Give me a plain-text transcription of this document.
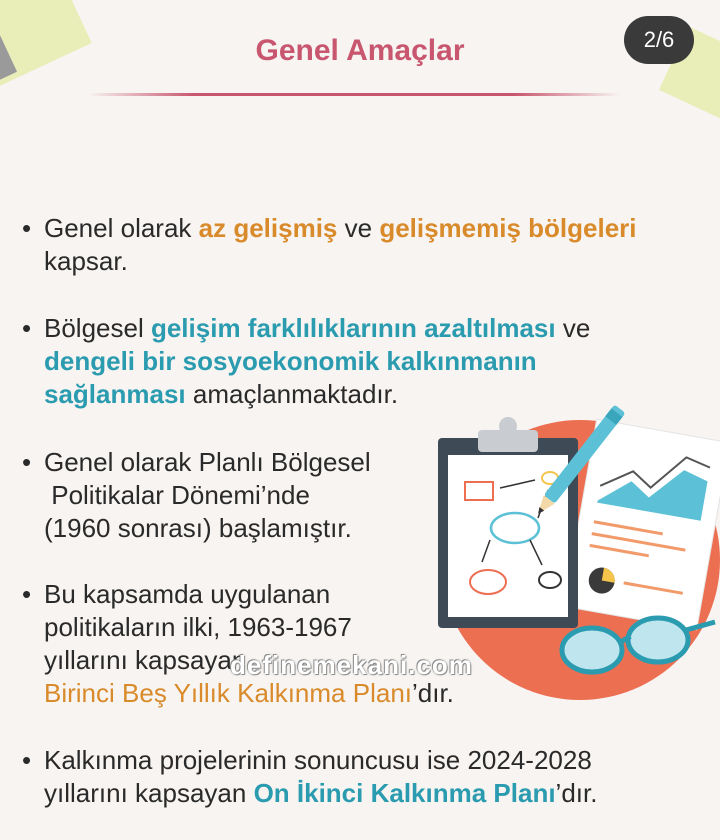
2/6
Genel Amaçlar
• Genel olarak az gelişmiş ve gelişmemiş bölgeleri
kapsar.
• Bölgesel gelişim farklılıklarının azaltılması ve
dengeli bir sosyoekonomik kalkınmanın
sağlanması amaçlanmaktadır.
• Genel olarak Planlı Bölgesel
Politikalar Dönemi’nde
(1960 sonrası) başlamıştır.
• Bu kapsamda uygulanan
politikaların ilki, 1963-1967
yıllarını kapsayan
Birinci Beş Yıllık Kalkınma Planı’dır.
definemekani.com
• Kalkınma projelerinin sonuncusu ise 2024-2028
yıllarını kapsayan On İkinci Kalkınma Planı’dır.
